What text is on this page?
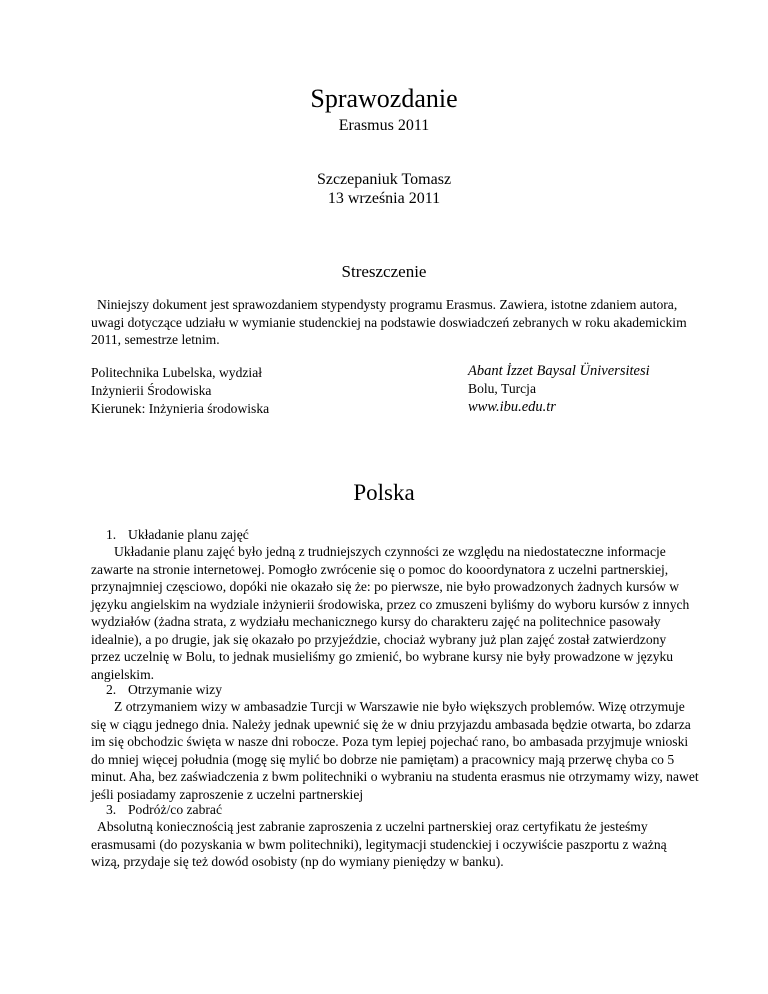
Sprawozdanie
Erasmus 2011
Szczepaniuk Tomasz
13 września 2011
Streszczenie
Niniejszy dokument jest sprawozdaniem stypendysty programu Erasmus. Zawiera, istotne zdaniem autora, uwagi dotyczące udziału w wymianie studenckiej na podstawie doswiadczeń zebranych w roku akademickim 2011, semestrze letnim.
Politechnika Lubelska, wydział
Inżynierii Środowiska
Kierunek: Inżynieria środowiska
Abant İzzet Baysal Üniversitesi
Bolu, Turcja
www.ibu.edu.tr
Polska
1. Układanie planu zajęć
Układanie planu zajęć było jedną z trudniejszych czynności ze względu na niedostateczne informacje zawarte na stronie internetowej. Pomogło zwrócenie się o pomoc do kooordynatora z uczelni partnerskiej, przynajmniej częsciowo, dopóki nie okazało się że: po pierwsze, nie było prowadzonych żadnych kursów w języku angielskim na wydziale inżynierii środowiska, przez co zmuszeni byliśmy do wyboru kursów z innych wydziałów (żadna strata, z wydziału mechanicznego kursy do charakteru zajęć na politechnice pasowały idealnie), a po drugie, jak się okazało po przyjeździe, chociaż wybrany już plan zajęć został zatwierdzony przez uczelnię w Bolu, to jednak musieliśmy go zmienić, bo wybrane kursy nie były prowadzone w języku angielskim.
2. Otrzymanie wizy
Z otrzymaniem wizy w ambasadzie Turcji w Warszawie nie było większych problemów. Wizę otrzymuje się w ciągu jednego dnia. Należy jednak upewnić się że w dniu przyjazdu ambasada będzie otwarta, bo zdarza im się obchodzic święta w nasze dni robocze. Poza tym lepiej pojechać rano, bo ambasada przyjmuje wnioski do mniej więcej południa (mogę się mylić bo dobrze nie pamiętam) a pracownicy mają przerwę chyba co 5 minut. Aha, bez zaświadczenia z bwm politechniki o wybraniu na studenta erasmus nie otrzymamy wizy, nawet jeśli posiadamy zaproszenie z uczelni partnerskiej
3. Podróż/co zabrać
Absolutną koniecznością jest zabranie zaproszenia z uczelni partnerskiej oraz certyfikatu że jesteśmy erasmusami (do pozyskania w bwm politechniki), legitymacji studenckiej i oczywiście paszportu z ważną wizą, przydaje się też dowód osobisty (np do wymiany pieniędzy w banku).
